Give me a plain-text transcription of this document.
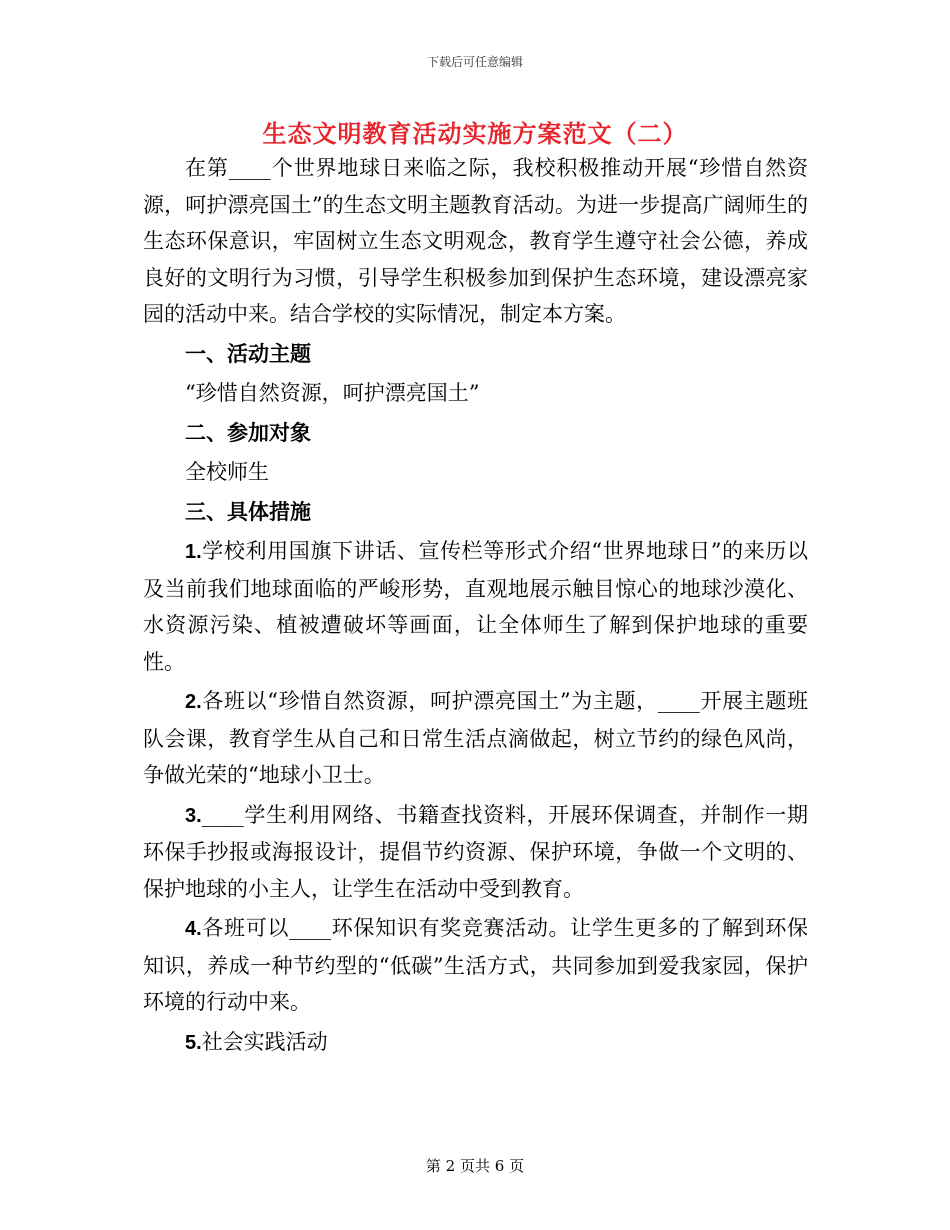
下载后可任意编辑
生态文明教育活动实施方案范文（二）

在第____个世界地球日来临之际，我校积极推动开展“珍惜自然资源，呵护漂亮国土”的生态文明主题教育活动。为进一步提高广阔师生的生态环保意识，牢固树立生态文明观念，教育学生遵守社会公德，养成良好的文明行为习惯，引导学生积极参加到保护生态环境，建设漂亮家园的活动中来。结合学校的实际情况，制定本方案。

一、活动主题

“珍惜自然资源，呵护漂亮国土”

二、参加对象

全校师生

三、具体措施

1.学校利用国旗下讲话、宣传栏等形式介绍“世界地球日”的来历以及当前我们地球面临的严峻形势，直观地展示触目惊心的地球沙漠化、水资源污染、植被遭破坏等画面，让全体师生了解到保护地球的重要性。

2.各班以“珍惜自然资源，呵护漂亮国土”为主题，____开展主题班队会课，教育学生从自己和日常生活点滴做起，树立节约的绿色风尚，争做光荣的“地球小卫士。

3.____学生利用网络、书籍查找资料，开展环保调查，并制作一期环保手抄报或海报设计，提倡节约资源、保护环境，争做一个文明的、保护地球的小主人，让学生在活动中受到教育。

4.各班可以____环保知识有奖竞赛活动。让学生更多的了解到环保知识，养成一种节约型的“低碳”生活方式，共同参加到爱我家园，保护环境的行动中来。

5.社会实践活动

第 2 页共 6 页
